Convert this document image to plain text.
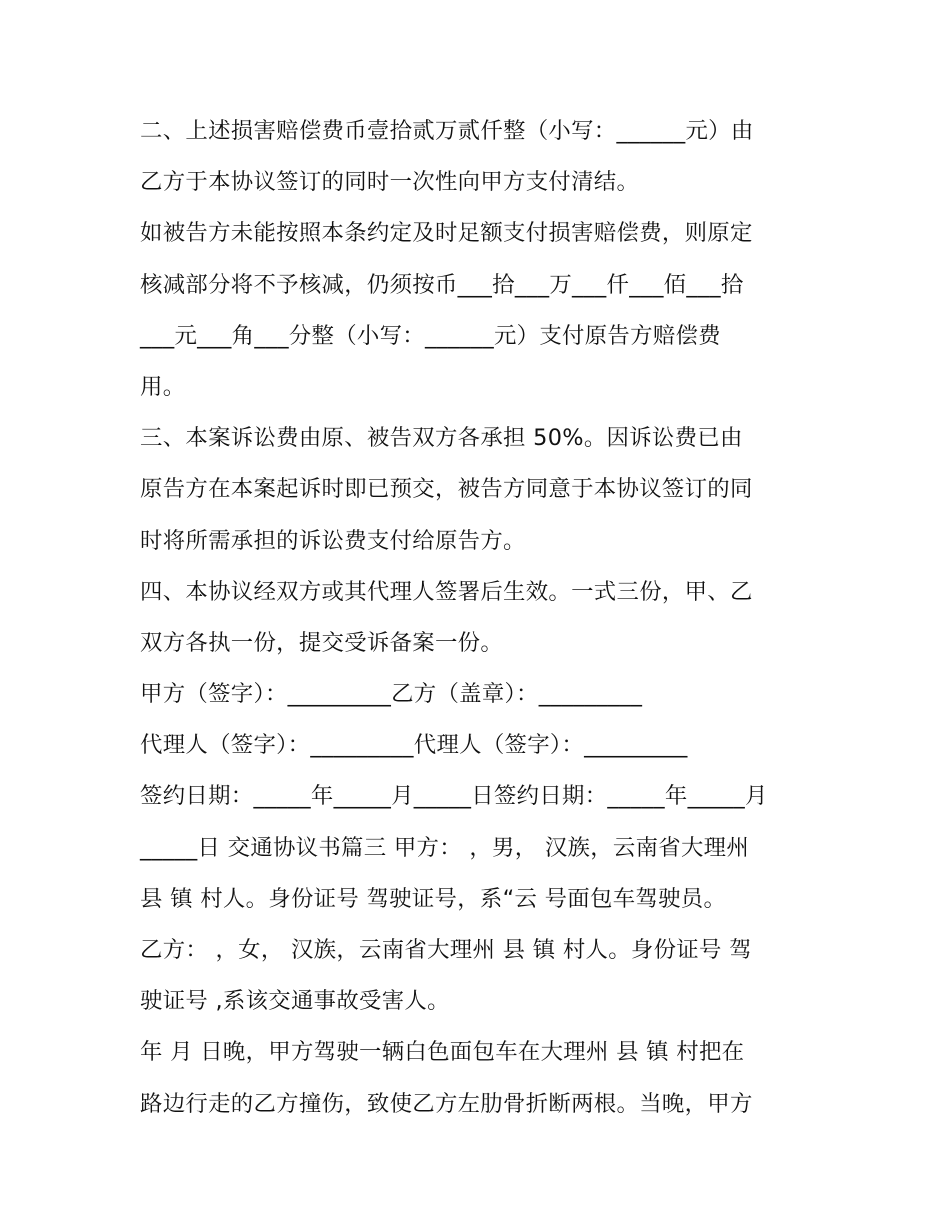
二、上述损害赔偿费币壹拾贰万贰仟整（小写：______元）由
乙方于本协议签订的同时一次性向甲方支付清结。
如被告方未能按照本条约定及时足额支付损害赔偿费，则原定
核减部分将不予核减，仍须按币___拾___万___仟___佰___拾
___元___角___分整（小写：______元）支付原告方赔偿费
用。
三、本案诉讼费由原、被告双方各承担 50%。因诉讼费已由
原告方在本案起诉时即已预交，被告方同意于本协议签订的同
时将所需承担的诉讼费支付给原告方。
四、本协议经双方或其代理人签署后生效。一式三份，甲、乙
双方各执一份，提交受诉备案一份。
甲方（签字）：_________乙方（盖章）：_________
代理人（签字）：_________代理人（签字）：_________
签约日期：_____年_____月_____日签约日期：_____年_____月
_____日 交通协议书篇三 甲方： ，男， 汉族，云南省大理州
县 镇 村人。身份证号 驾驶证号，系“云 号面包车驾驶员。
乙方： ，女， 汉族，云南省大理州 县 镇 村人。身份证号 驾
驶证号 ,系该交通事故受害人。
年 月 日晚，甲方驾驶一辆白色面包车在大理州 县 镇 村把在
路边行走的乙方撞伤，致使乙方左肋骨折断两根。当晚，甲方
